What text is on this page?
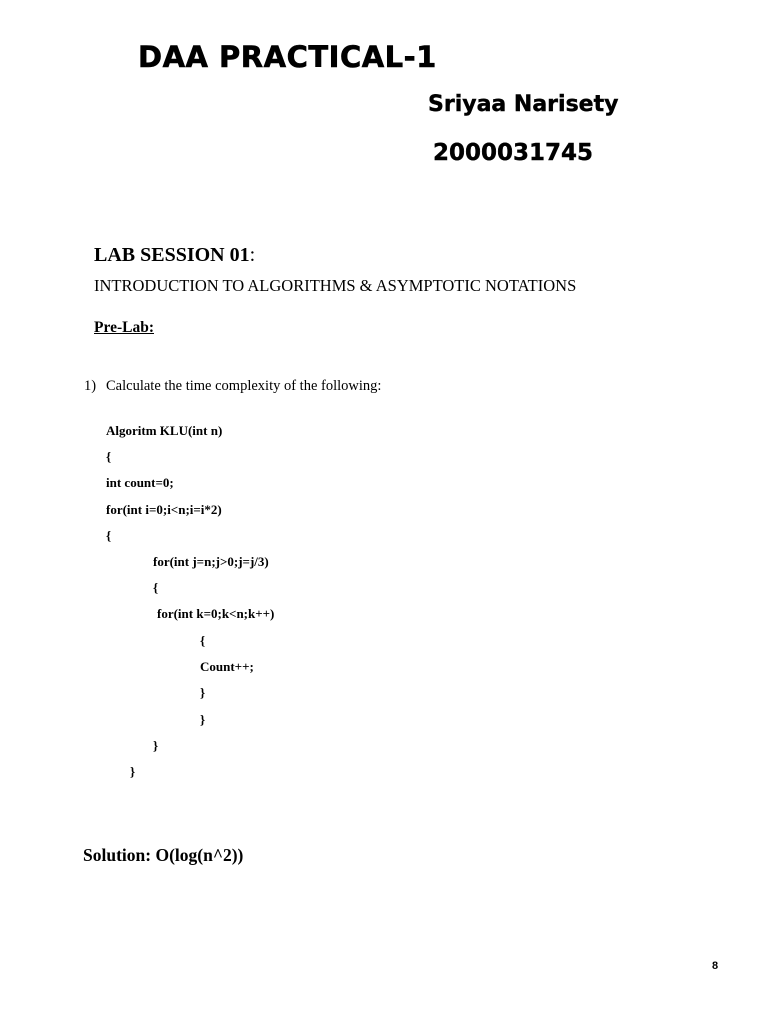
DAA PRACTICAL-1
Sriyaa Narisety
2000031745
LAB SESSION 01:
INTRODUCTION TO ALGORITHMS & ASYMPTOTIC NOTATIONS
Pre-Lab:
1) Calculate the time complexity of the following:
Algoritm KLU(int n)
{
int count=0;
for(int i=0;i<n;i=i*2)
{
for(int j=n;j>0;j=j/3)
{
for(int k=0;k<n;k++)
{
Count++;
}
}
}
}
Solution: O(log(n^2))
8
